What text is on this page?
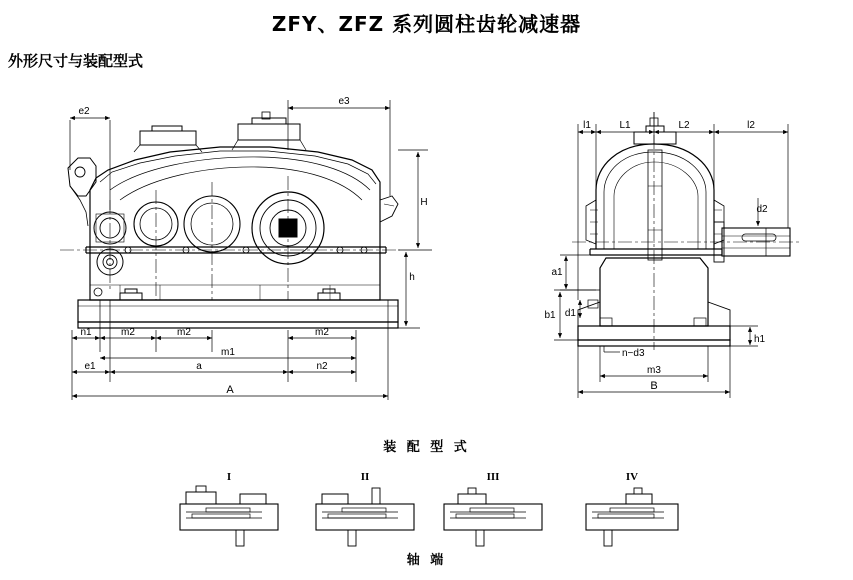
ZFY、ZFZ 系列圆柱齿轮减速器
外形尺寸与装配型式
装 配 型 式
轴 端
e2
e3
H
h
n1	m2	m2	m2
m1
e1	a	n2
A
l1	L1	L2	l2
d2
a1
b1 d1
h1
n−d3
m3
B
I	II	III	IV
